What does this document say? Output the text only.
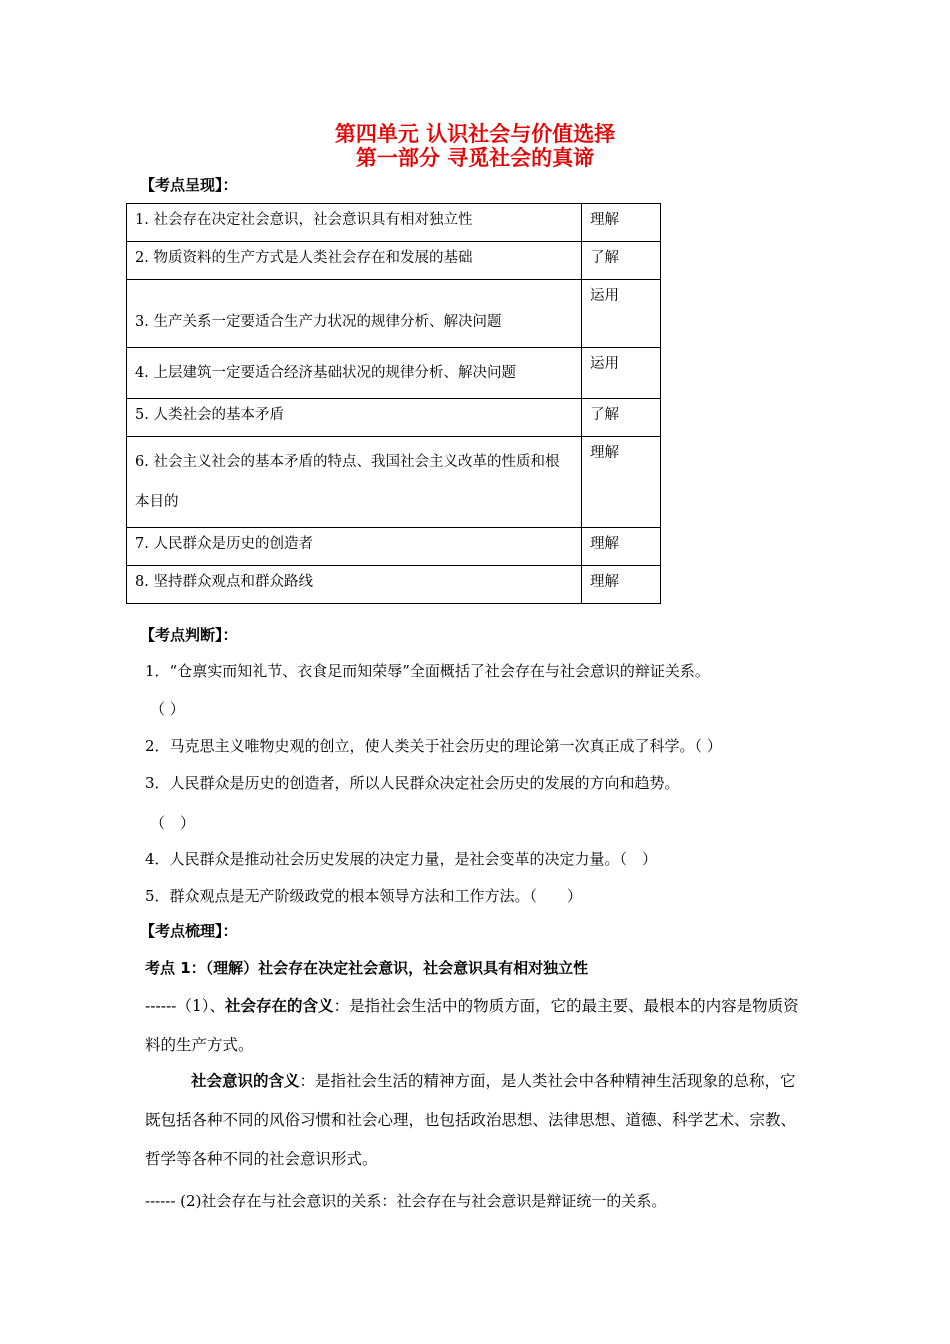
第四单元 认识社会与价值选择
第一部分 寻觅社会的真谛
【考点呈现】：
1. 社会存在决定社会意识，社会意识具有相对独立性	理解
2. 物质资料的生产方式是人类社会存在和发展的基础	了解
3. 生产关系一定要适合生产力状况的规律分析、解决问题	运用
4. 上层建筑一定要适合经济基础状况的规律分析、解决问题	运用
5. 人类社会的基本矛盾	了解
6. 社会主义社会的基本矛盾的特点、我国社会主义改革的性质和根本目的	理解
7. 人民群众是历史的创造者	理解
8. 坚持群众观点和群众路线	理解
【考点判断】：
1．“仓禀实而知礼节、衣食足而知荣辱”全面概括了社会存在与社会意识的辩证关系。
（ ）
2．马克思主义唯物史观的创立，使人类关于社会历史的理论第一次真正成了科学。（ ）
3．人民群众是历史的创造者，所以人民群众决定社会历史的发展的方向和趋势。
（　）
4．人民群众是推动社会历史发展的决定力量，是社会变革的决定力量。（　）
5．群众观点是无产阶级政党的根本领导方法和工作方法。（　　）
【考点梳理】：
考点 1：（理解）社会存在决定社会意识，社会意识具有相对独立性
------（1）、社会存在的含义：是指社会生活中的物质方面，它的最主要、最根本的内容是物质资料的生产方式。
社会意识的含义：是指社会生活的精神方面，是人类社会中各种精神生活现象的总称，它既包括各种不同的风俗习惯和社会心理，也包括政治思想、法律思想、道德、科学艺术、宗教、哲学等各种不同的社会意识形式。
------ (2)社会存在与社会意识的关系：社会存在与社会意识是辩证统一的关系。
